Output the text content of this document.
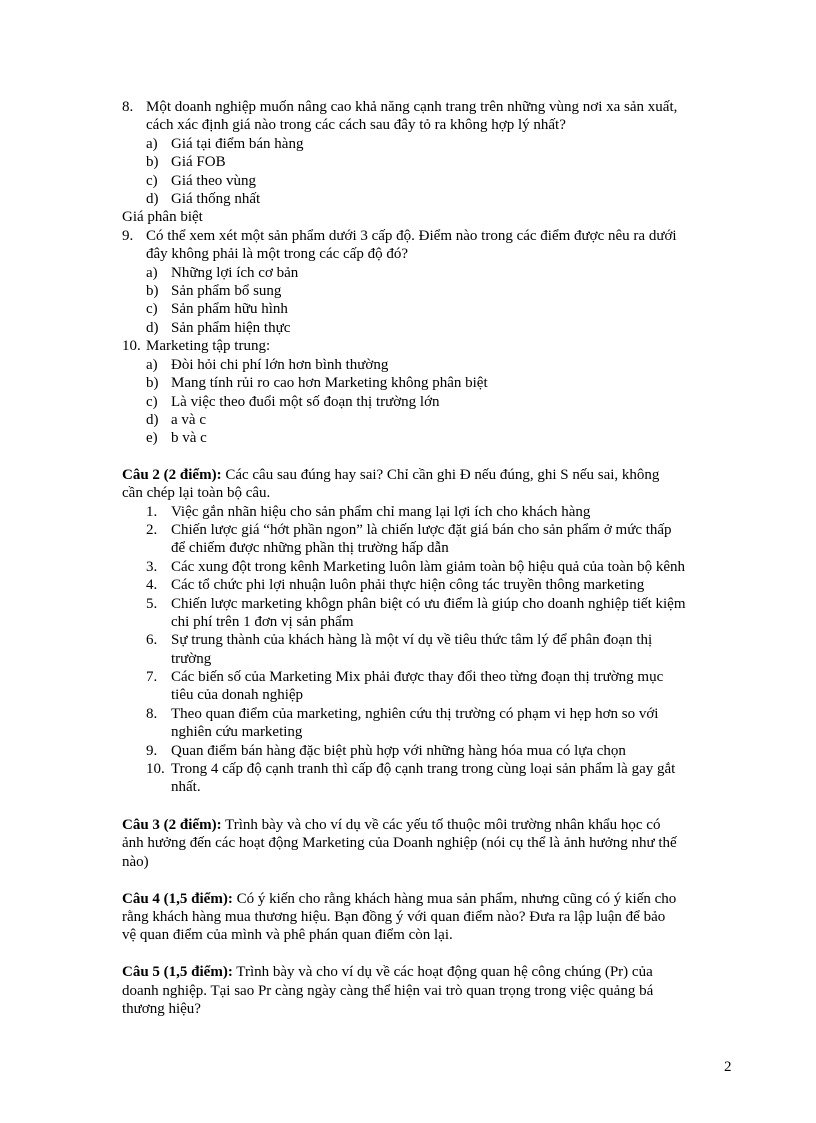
8. Một doanh nghiệp muốn nâng cao khả năng cạnh trang trên những vùng nơi xa sản xuất,
cách xác định giá nào trong các cách sau đây tỏ ra không hợp lý nhất?
a) Giá tại điểm bán hàng
b) Giá FOB
c) Giá theo vùng
d) Giá thống nhất
Giá phân biệt
9. Có thể xem xét một sản phẩm dưới 3 cấp độ. Điểm nào trong các điểm được nêu ra dưới
đây không phải là một trong các cấp độ đó?
a) Những lợi ích cơ bản
b) Sản phẩm bổ sung
c) Sản phẩm hữu hình
d) Sản phẩm hiện thực
10. Marketing tập trung:
a) Đòi hỏi chi phí lớn hơn bình thường
b) Mang tính rủi ro cao hơn Marketing không phân biệt
c) Là việc theo đuổi một số đoạn thị trường lớn
d) a và c
e) b và c
Câu 2 (2 điểm): Các câu sau đúng hay sai? Chỉ cần ghi Đ nếu đúng, ghi S nếu sai, không
cần chép lại toàn bộ câu.
1. Việc gắn nhãn hiệu cho sản phẩm chỉ mang lại lợi ích cho khách hàng
2. Chiến lược giá “hớt phần ngon” là chiến lược đặt giá bán cho sản phẩm ở mức thấp
để chiếm được những phần thị trường hấp dẫn
3. Các xung đột trong kênh Marketing luôn làm giảm toàn bộ hiệu quả của toàn bộ kênh
4. Các tổ chức phi lợi nhuận luôn phải thực hiện công tác truyền thông marketing
5. Chiến lược marketing khôgn phân biệt có ưu điểm là giúp cho doanh nghiệp tiết kiệm
chi phí trên 1 đơn vị sản phẩm
6. Sự trung thành của khách hàng là một ví dụ về tiêu thức tâm lý để phân đoạn thị
trường
7. Các biến số của Marketing Mix phải được thay đổi theo từng đoạn thị trường mục
tiêu của donah nghiệp
8. Theo quan điểm của marketing, nghiên cứu thị trường có phạm vi hẹp hơn so với
nghiên cứu marketing
9. Quan điểm bán hàng đặc biệt phù hợp với những hàng hóa mua có lựa chọn
10. Trong 4 cấp độ cạnh tranh thì cấp độ cạnh trang trong cùng loại sản phẩm là gay gắt
nhất.
Câu 3 (2 điểm): Trình bày và cho ví dụ về các yếu tố thuộc môi trường nhân khẩu học có
ảnh hưởng đến các hoạt động Marketing của Doanh nghiệp (nói cụ thể là ảnh hưởng như thế
nào)
Câu 4 (1,5 điểm): Có ý kiến cho rằng khách hàng mua sản phẩm, nhưng cũng có ý kiến cho
rằng khách hàng mua thương hiệu. Bạn đồng ý với quan điểm nào? Đưa ra lập luận để bảo
vệ quan điểm của mình và phê phán quan điểm còn lại.
Câu 5 (1,5 điểm): Trình bày và cho ví dụ về các hoạt động quan hệ công chúng (Pr) của
doanh nghiệp. Tại sao Pr càng ngày càng thể hiện vai trò quan trọng trong việc quảng bá
thương hiệu?
2
